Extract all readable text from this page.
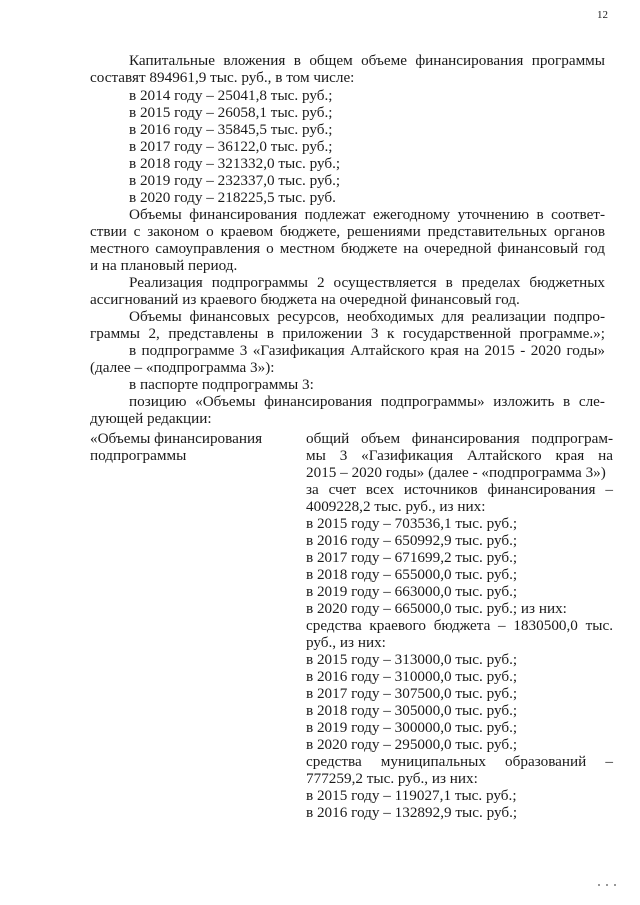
12
Капитальные вложения в общем объеме финансирования программы
составят 894961,9 тыс. руб., в том числе:
в 2014 году – 25041,8 тыс. руб.;
в 2015 году – 26058,1 тыс. руб.;
в 2016 году – 35845,5 тыс. руб.;
в 2017 году – 36122,0 тыс. руб.;
в 2018 году – 321332,0 тыс. руб.;
в 2019 году – 232337,0 тыс. руб.;
в 2020 году – 218225,5 тыс. руб.
Объемы финансирования подлежат ежегодному уточнению в соответ-
ствии с законом о краевом бюджете, решениями представительных органов
местного самоуправления о местном бюджете на очередной финансовый год
и на плановый период.
Реализация подпрограммы 2 осуществляется в пределах бюджетных
ассигнований из краевого бюджета на очередной финансовый год.
Объемы финансовых ресурсов, необходимых для реализации подпро-
граммы 2, представлены в приложении 3 к государственной программе.»;
в подпрограмме 3 «Газификация Алтайского края на 2015 - 2020 годы»
(далее – «подпрограмма 3»):
в паспорте подпрограммы 3:
позицию «Объемы финансирования подпрограммы» изложить в сле-
дующей редакции:
«Объемы финансирования
подпрограммы
общий объем финансирования подпрограм-
мы 3 «Газификация Алтайского края на
2015 – 2020 годы» (далее - «подпрограмма 3»)
за счет всех источников финансирования –
4009228,2 тыс. руб., из них:
в 2015 году – 703536,1 тыс. руб.;
в 2016 году – 650992,9 тыс. руб.;
в 2017 году – 671699,2 тыс. руб.;
в 2018 году – 655000,0 тыс. руб.;
в 2019 году – 663000,0 тыс. руб.;
в 2020 году – 665000,0 тыс. руб.; из них:
средства краевого бюджета – 1830500,0 тыс.
руб., из них:
в 2015 году – 313000,0 тыс. руб.;
в 2016 году – 310000,0 тыс. руб.;
в 2017 году – 307500,0 тыс. руб.;
в 2018 году – 305000,0 тыс. руб.;
в 2019 году – 300000,0 тыс. руб.;
в 2020 году – 295000,0 тыс. руб.;
средства муниципальных образований –
777259,2 тыс. руб., из них:
в 2015 году – 119027,1 тыс. руб.;
в 2016 году – 132892,9 тыс. руб.;
